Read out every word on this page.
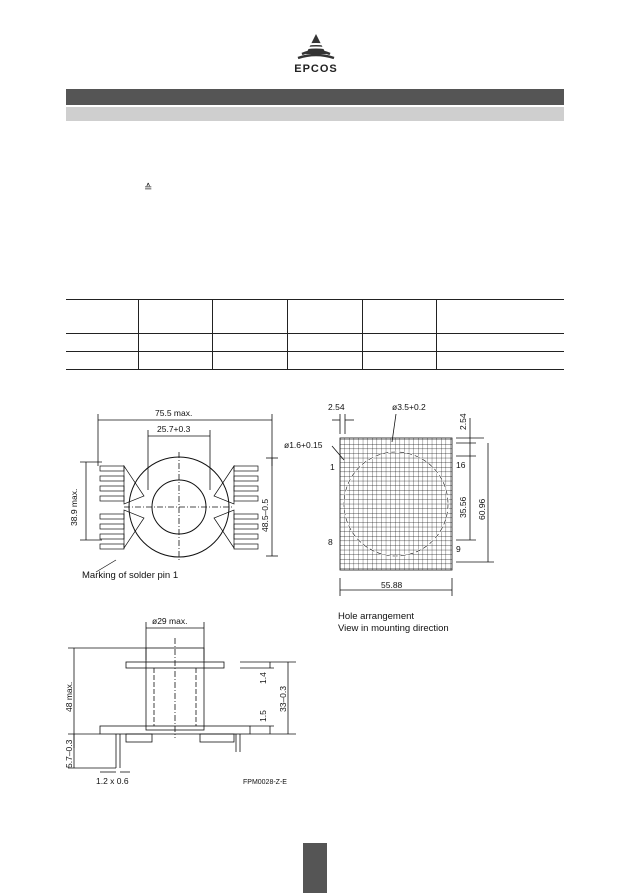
EPCOS
≙

75.5 max.
25.7+0.3
38.9 max.	48.5–0.5
Marking of solder pin 1
2.54	ø3.5+0.2
2.54
ø1.6+0.15
1	16
8
9
35.56 60.96
55.88
Hole arrangement
View in mounting direction
ø29 max.
48 max.
1.4
33–0.3
1.5
5.7–0.3
1.2 x 0.6	FPM0028-Z-E
